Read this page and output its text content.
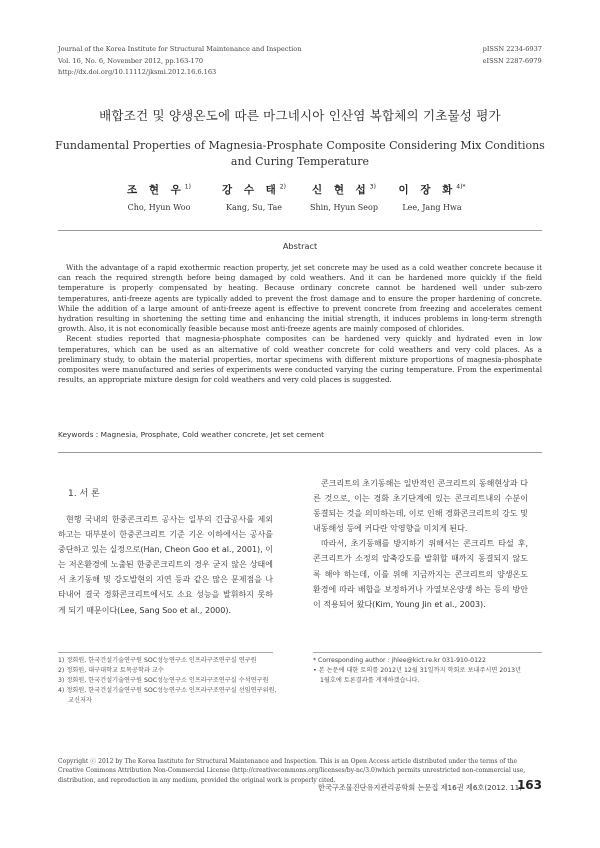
Journal of the Korea Institute for Structural Maintenance and Inspection
Vol. 16, No. 6, November 2012, pp.163-170
http://dx.doi.org/10.11112/jksmi.2012.16.6.163
pISSN 2234-6937
eISSN 2287-6979
배합조건 및 양생온도에 따른 마그네시아 인산염 복합체의 기초물성 평가
Fundamental Properties of Magnesia-Prosphate Composite Considering Mix Conditions
and Curing Temperature
조 현 우$^{1)}$
Cho, Hyun Woo
강 수 태$^{2)}$
Kang, Su, Tae
신 현 섭$^{3)}$
Shin, Hyun Seop
이 장 화$^{4)*}$
Lee, Jang Hwa
Abstract

With the advantage of a rapid exothermic reaction property, jet set concrete may be used as a cold weather concrete because it can reach the required strength before being damaged by cold weathers. And it can be hardened more quickly if the field temperature is properly compensated by heating. Because ordinary concrete cannot be hardened well under sub-zero temperatures, anti-freeze agents are typically added to prevent the frost damage and to ensure the proper hardening of concrete. While the addition of a large amount of anti-freeze agent is effective to prevent concrete from freezing and accelerates cement hydration resulting in shortening the setting time and enhancing the initial strength, it induces problems in long-term strength growth. Also, it is not economically feasible because most anti-freeze agents are mainly composed of chlorides.

Recent studies reported that magnesia-phosphate composites can be hardened very quickly and hydrated even in low temperatures, which can be used as an alternative of cold weather concrete for cold weathers and very cold places. As a preliminary study, to obtain the material properties, mortar specimens with different mixture proportions of magnesia-phosphate composites were manufactured and series of experiments were conducted varying the curing temperature. From the experimental results, an appropriate mixture design for cold weathers and very cold places is suggested.

Keywords : Magnesia, Prosphate, Cold weather concrete, Jet set cement
1. 서 론

현행 국내의 한중콘크리트 공사는 일부의 긴급공사를 제외하고는 대부분이 한중콘크리트 기준 기온 이하에서는 공사를 중단하고 있는 실정으로(Han, Cheon Goo et al., 2001), 이는 저온환경에 노출된 한중콘크리트의 경우 굳지 않은 상태에서 초기동해 및 강도발현의 지연 등과 같은 많은 문제점을 나타내어 결국 경화콘크리트에서도 소요 성능을 발휘하지 못하게 되기 때문이다(Lee, Sang Soo et al., 2000).

콘크리트의 초기동해는 일반적인 콘크리트의 동해현상과 다른 것으로, 이는 경화 초기단계에 있는 콘크리트내의 수분이 동결되는 것을 의미하는데, 이로 인해 경화콘크리트의 강도 및 내동해성 등에 커다란 악영향을 미치게 된다.

따라서, 초기동해를 방지하기 위해서는 콘크리트 타설 후, 콘크리트가 소정의 압축강도를 발휘할 때까지 동결되지 않도록 해야 하는데, 이를 위해 지금까지는 콘크리트의 양생온도 환경에 따라 배합을 보정하거나 가열보온양생 하는 등의 방안이 적용되어 왔다(Kim, Young Jin et al., 2003).

1) 정회원, 한국건설기술연구원 SOC성능연구소 인프라구조연구실 연구원
2) 정회원, 대구대학교 토목공학과 교수
3) 정회원, 한국건설기술연구원 SOC성능연구소 인프라구조연구실 수석연구원
4) 정회원, 한국건설기술연구원 SOC성능연구소 인프라구조연구실 선임연구위원,
교신저자
* Corresponding author : jhlee@kict.re.kr 031-910-0122
• 본 논문에 대한 토의를 2012년 12월 31일까지 학회로 보내주시면 2013년
1월호에 토론결과를 게재하겠습니다.
Copyright ⓒ 2012 by The Korea Institute for Structural Maintenance and Inspection. This is an Open Access article distributed under the terms of the Creative Commons Attribution Non-Commercial License (http://creativecommons.org/licenses/by-nc/3.0)which permits unrestricted non-commercial use, distribution, and reproduction in any medium, provided the original work is properly cited.
한국구조물진단유지관리공학회 논문집 제16권 제6호(2012. 11)
163
